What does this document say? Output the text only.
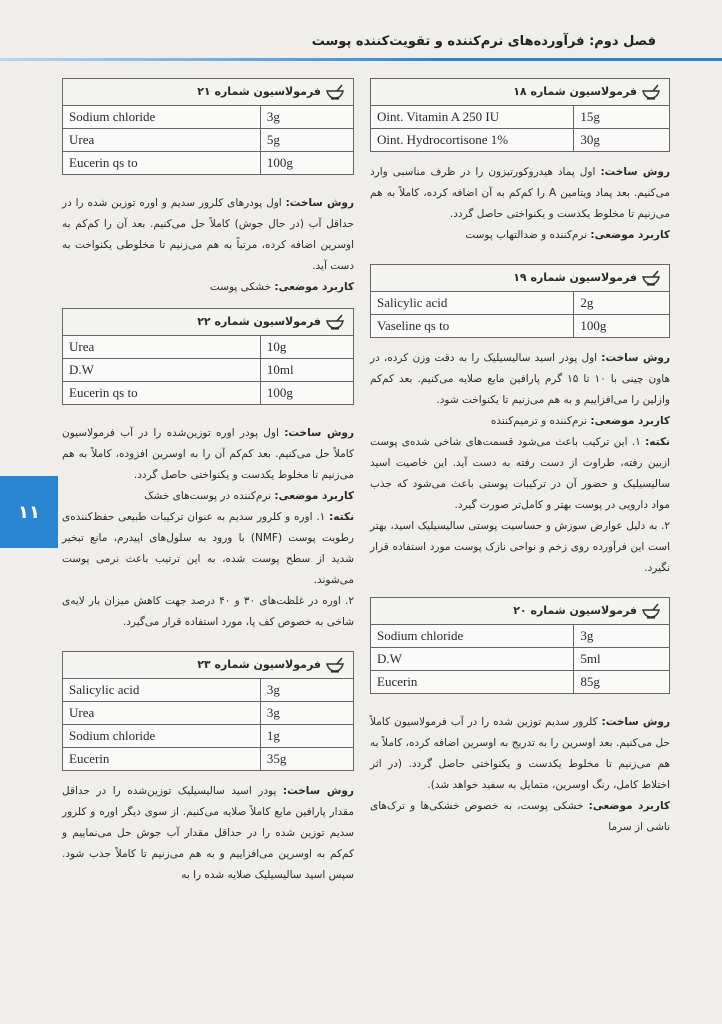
فصل دوم: فرآورده‌های نرم‌کننده و تقویت‌کننده پوست
۱۱
فرمولاسیون شماره ۱۸	
Oint. Vitamin A 250 IU	15g
Oint. Hydrocortisone 1%	30g

روش ساخت: اول پماد هیدروکورتیزون را در ظرف مناسبی وارد می‌کنیم. بعد پماد ویتامین A را کم‌کم به آن اضافه کرده، کاملاً به هم می‌زنیم تا مخلوط یکدست و یکنواختی حاصل گردد.

کاربرد موضعی: نرم‌کننده و ضدالتهاب پوست

فرمولاسیون شماره ۱۹	
Salicylic acid	2g
Vaseline qs to	100g

روش ساخت: اول پودر اسید سالیسیلیک را به دقت وزن کرده، در هاون چینی با ۱۰ تا ۱۵ گرم پارافین مایع صلایه می‌کنیم. بعد کم‌کم وازلین را می‌افزاییم و به هم می‌زنیم تا یکنواخت شود.

کاربرد موضعی: نرم‌کننده و ترمیم‌کننده

نکته: ۱. این ترکیب باعث می‌شود قسمت‌های شاخی شده‌ی پوست ازبین رفته، طراوت از دست رفته به دست آید. این خاصیت اسید سالیسیلیک و حضور آن در ترکیبات پوستی باعث می‌شود که جذب مواد دارویی در پوست بهتر و کامل‌تر صورت گیرد.

۲. به دلیل عوارض سوزش و حساسیت پوستی سالیسیلیک اسید، بهتر است این فرآورده روی زخم و نواحی نازک پوست مورد استفاده قرار نگیرد.

فرمولاسیون شماره ۲۰	
Sodium chloride	3g
D.W	5ml
Eucerin	85g

روش ساخت: کلرور سدیم توزین شده را در آب فرمولاسیون کاملاً حل می‌کنیم. بعد اوسرین را به تدریج به اوسرین اضافه کرده، کاملاً به هم می‌زنیم تا مخلوط یکدست و یکنواختی حاصل گردد. (در اثر اختلاط کامل، رنگ اوسرین، متمایل به سفید خواهد شد).

کاربرد موضعی: خشکی پوست، به خصوص خشکی‌ها و ترک‌های ناشی از سرما

فرمولاسیون شماره ۲۱	
Sodium chloride	3g
Urea	5g
Eucerin qs to	100g

روش ساخت: اول پودرهای کلرور سدیم و اوره توزین شده را در حداقل آب (در حال جوش) کاملاً حل می‌کنیم. بعد آن را کم‌کم به اوسرین اضافه کرده، مرتباً به هم می‌زنیم تا مخلوطی یکنواخت به دست آید.

کاربرد موضعی: خشکی پوست

فرمولاسیون شماره ۲۲	
Urea	10g
D.W	10ml
Eucerin qs to	100g

روش ساخت: اول پودر اوره توزین‌شده را در آب فرمولاسیون کاملاً حل می‌کنیم. بعد کم‌کم آن را به اوسرین افزوده، کاملاً به هم می‌زنیم تا مخلوط یکدست و یکنواختی حاصل گردد.

کاربرد موضعی: نرم‌کننده در پوست‌های خشک

نکته: ۱. اوره و کلرور سدیم به عنوان ترکیبات طبیعی حفظ‌کننده‌ی رطوبت پوست (NMF) با ورود به سلول‌های اپیدرم، مانع تبخیر شدید از سطح پوست شده، به این ترتیب باعث نرمی پوست می‌شوند.

۲. اوره در غلظت‌های ۳۰ و ۴۰ درصد جهت کاهش میزان بار لایه‌ی شاخی به خصوص کف پا، مورد استفاده قرار می‌گیرد.

فرمولاسیون شماره ۲۳	
Salicylic acid	3g
Urea	3g
Sodium chloride	1g
Eucerin	35g

روش ساخت: پودر اسید سالیسیلیک توزین‌شده را در حداقل مقدار پارافین مایع کاملاً صلایه می‌کنیم. از سوی دیگر اوره و کلرور سدیم توزین شده را در حداقل مقدار آب جوش حل می‌نماییم و کم‌کم به اوسرین می‌افزاییم و به هم می‌زنیم تا کاملاً جذب شود. سپس اسید سالیسیلیک صلایه شده را به
